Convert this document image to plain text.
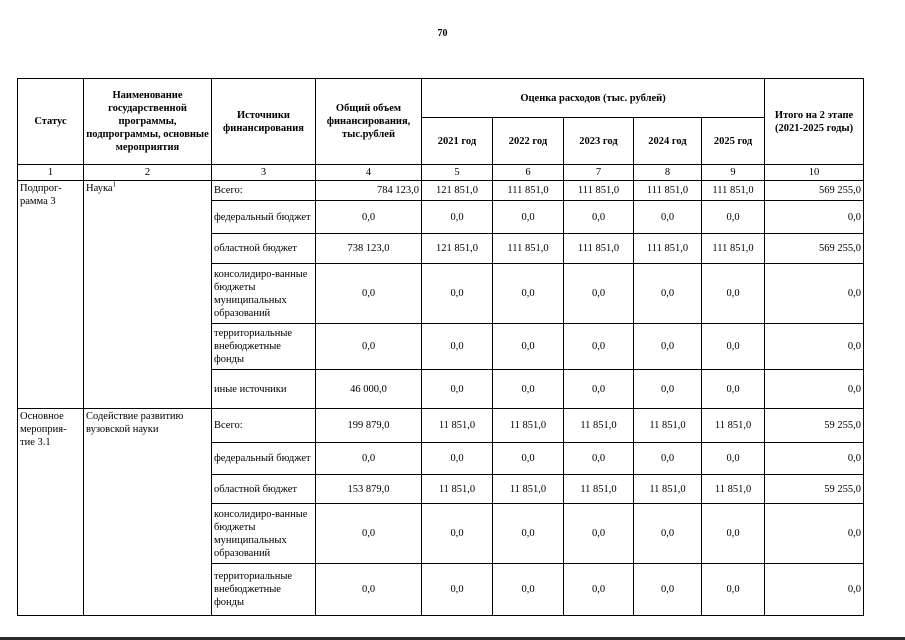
70
Статус	Наименование государственной программы, подпрограммы, основные мероприятия	Источники финансирования	Общий объем финансирования, тыс.рублей	Оценка расходов (тыс. рублей)					Итого на 2 этапе (2021-2025 годы)
				2021 год	2022 год	2023 год	2024 год	2025 год	
1	2	3	4	5	6	7	8	9	10
Подпрог-рамма 3	Наука$^1$	Всего:	784 123,0	121 851,0	111 851,0	111 851,0	111 851,0	111 851,0	569 255,0
		федеральный бюджет	0,0	0,0	0,0	0,0	0,0	0,0	0,0
		областной бюджет	738 123,0	121 851,0	111 851,0	111 851,0	111 851,0	111 851,0	569 255,0
		консолидиро-ванные бюджеты муниципальных образований	0,0	0,0	0,0	0,0	0,0	0,0	0,0
		территориальные внебюджетные фонды	0,0	0,0	0,0	0,0	0,0	0,0	0,0
		иные источники	46 000,0	0,0	0,0	0,0	0,0	0,0	0,0
Основное мероприя-тие 3.1	Содействие развитию вузовской науки	Всего:	199 879,0	11 851,0	11 851,0	11 851,0	11 851,0	11 851,0	59 255,0
		федеральный бюджет	0,0	0,0	0,0	0,0	0,0	0,0	0,0
		областной бюджет	153 879,0	11 851,0	11 851,0	11 851,0	11 851,0	11 851,0	59 255,0
		консолидиро-ванные бюджеты муниципальных образований	0,0	0,0	0,0	0,0	0,0	0,0	0,0
		территориальные внебюджетные фонды	0,0	0,0	0,0	0,0	0,0	0,0	0,0
